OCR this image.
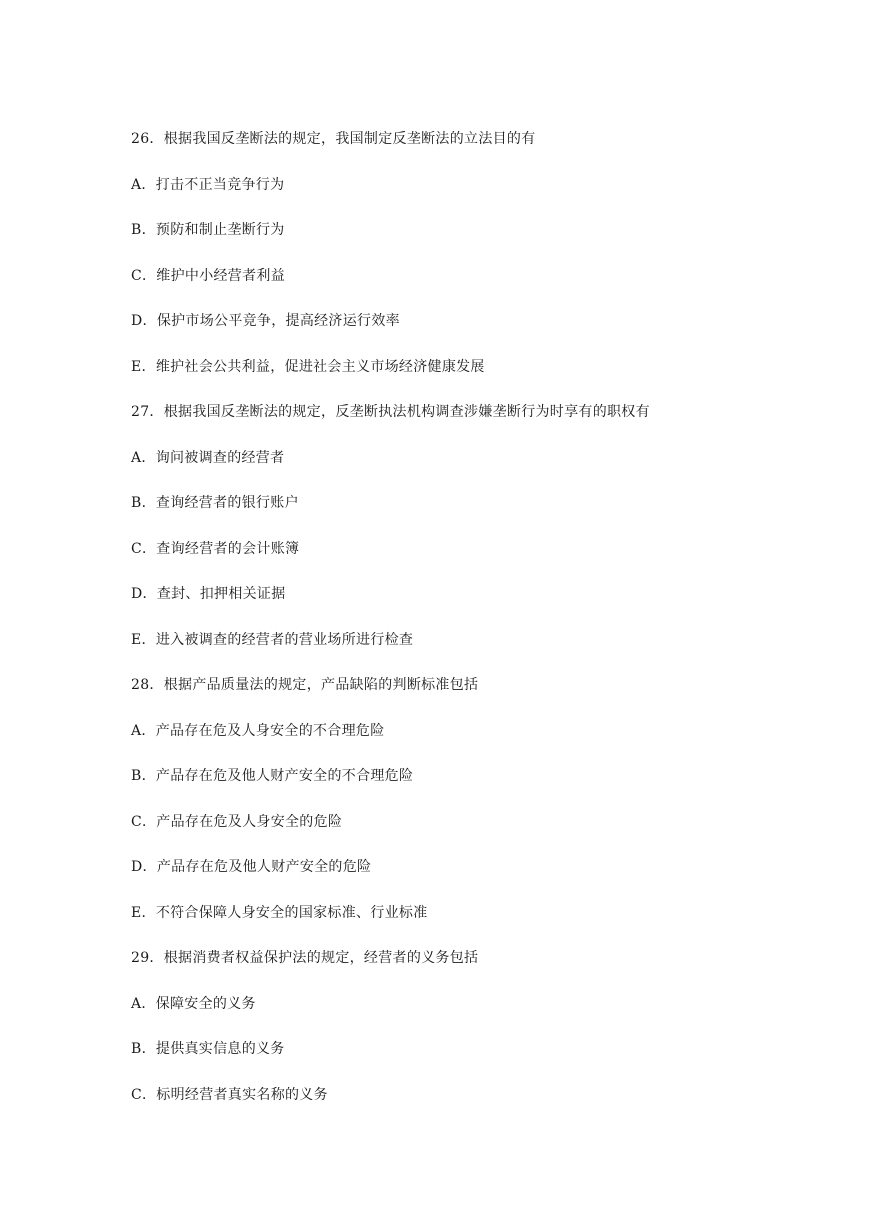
26．根据我国反垄断法的规定，我国制定反垄断法的立法目的有
A．打击不正当竞争行为
B．预防和制止垄断行为
C．维护中小经营者利益
D．保护市场公平竞争，提高经济运行效率
E．维护社会公共利益，促进社会主义市场经济健康发展
27．根据我国反垄断法的规定，反垄断执法机构调查涉嫌垄断行为时享有的职权有
A．询问被调查的经营者
B．查询经营者的银行账户
C．查询经营者的会计账簿
D．查封、扣押相关证据
E．进入被调查的经营者的营业场所进行检查
28．根据产品质量法的规定，产品缺陷的判断标准包括
A．产品存在危及人身安全的不合理危险
B．产品存在危及他人财产安全的不合理危险
C．产品存在危及人身安全的危险
D．产品存在危及他人财产安全的危险
E．不符合保障人身安全的国家标准、行业标准
29．根据消费者权益保护法的规定，经营者的义务包括
A．保障安全的义务
B．提供真实信息的义务
C．标明经营者真实名称的义务
